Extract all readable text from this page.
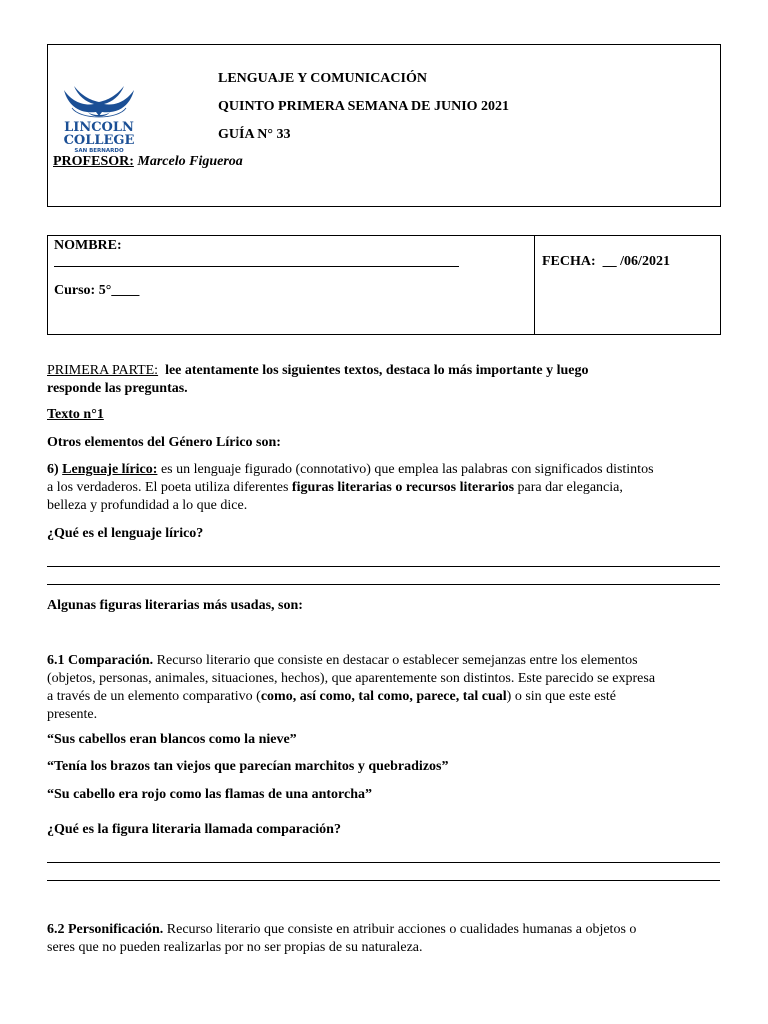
LINCOLN
COLLEGE
SAN BERNARDO
LENGUAJE Y COMUNICACIÓN
QUINTO PRIMERA SEMANA DE JUNIO 2021
GUÍA N° 33
PROFESOR: Marcelo Figueroa
NOMBRE:
Curso: 5°____
FECHA: __ /06/2021
PRIMERA PARTE: lee atentamente los siguientes textos, destaca lo más importante y luego
responde las preguntas.
Texto n°1
Otros elementos del Género Lírico son:
6) Lenguaje lírico: es un lenguaje figurado (connotativo) que emplea las palabras con significados distintos
a los verdaderos. El poeta utiliza diferentes figuras literarias o recursos literarios para dar elegancia,
belleza y profundidad a lo que dice.
¿Qué es el lenguaje lírico?
Algunas figuras literarias más usadas, son:
6.1 Comparación. Recurso literario que consiste en destacar o establecer semejanzas entre los elementos
(objetos, personas, animales, situaciones, hechos), que aparentemente son distintos. Este parecido se expresa
a través de un elemento comparativo (como, así como, tal como, parece, tal cual) o sin que este esté
presente.
“Sus cabellos eran blancos como la nieve”
“Tenía los brazos tan viejos que parecían marchitos y quebradizos”
“Su cabello era rojo como las flamas de una antorcha”
¿Qué es la figura literaria llamada comparación?
6.2 Personificación. Recurso literario que consiste en atribuir acciones o cualidades humanas a objetos o
seres que no pueden realizarlas por no ser propias de su naturaleza.
